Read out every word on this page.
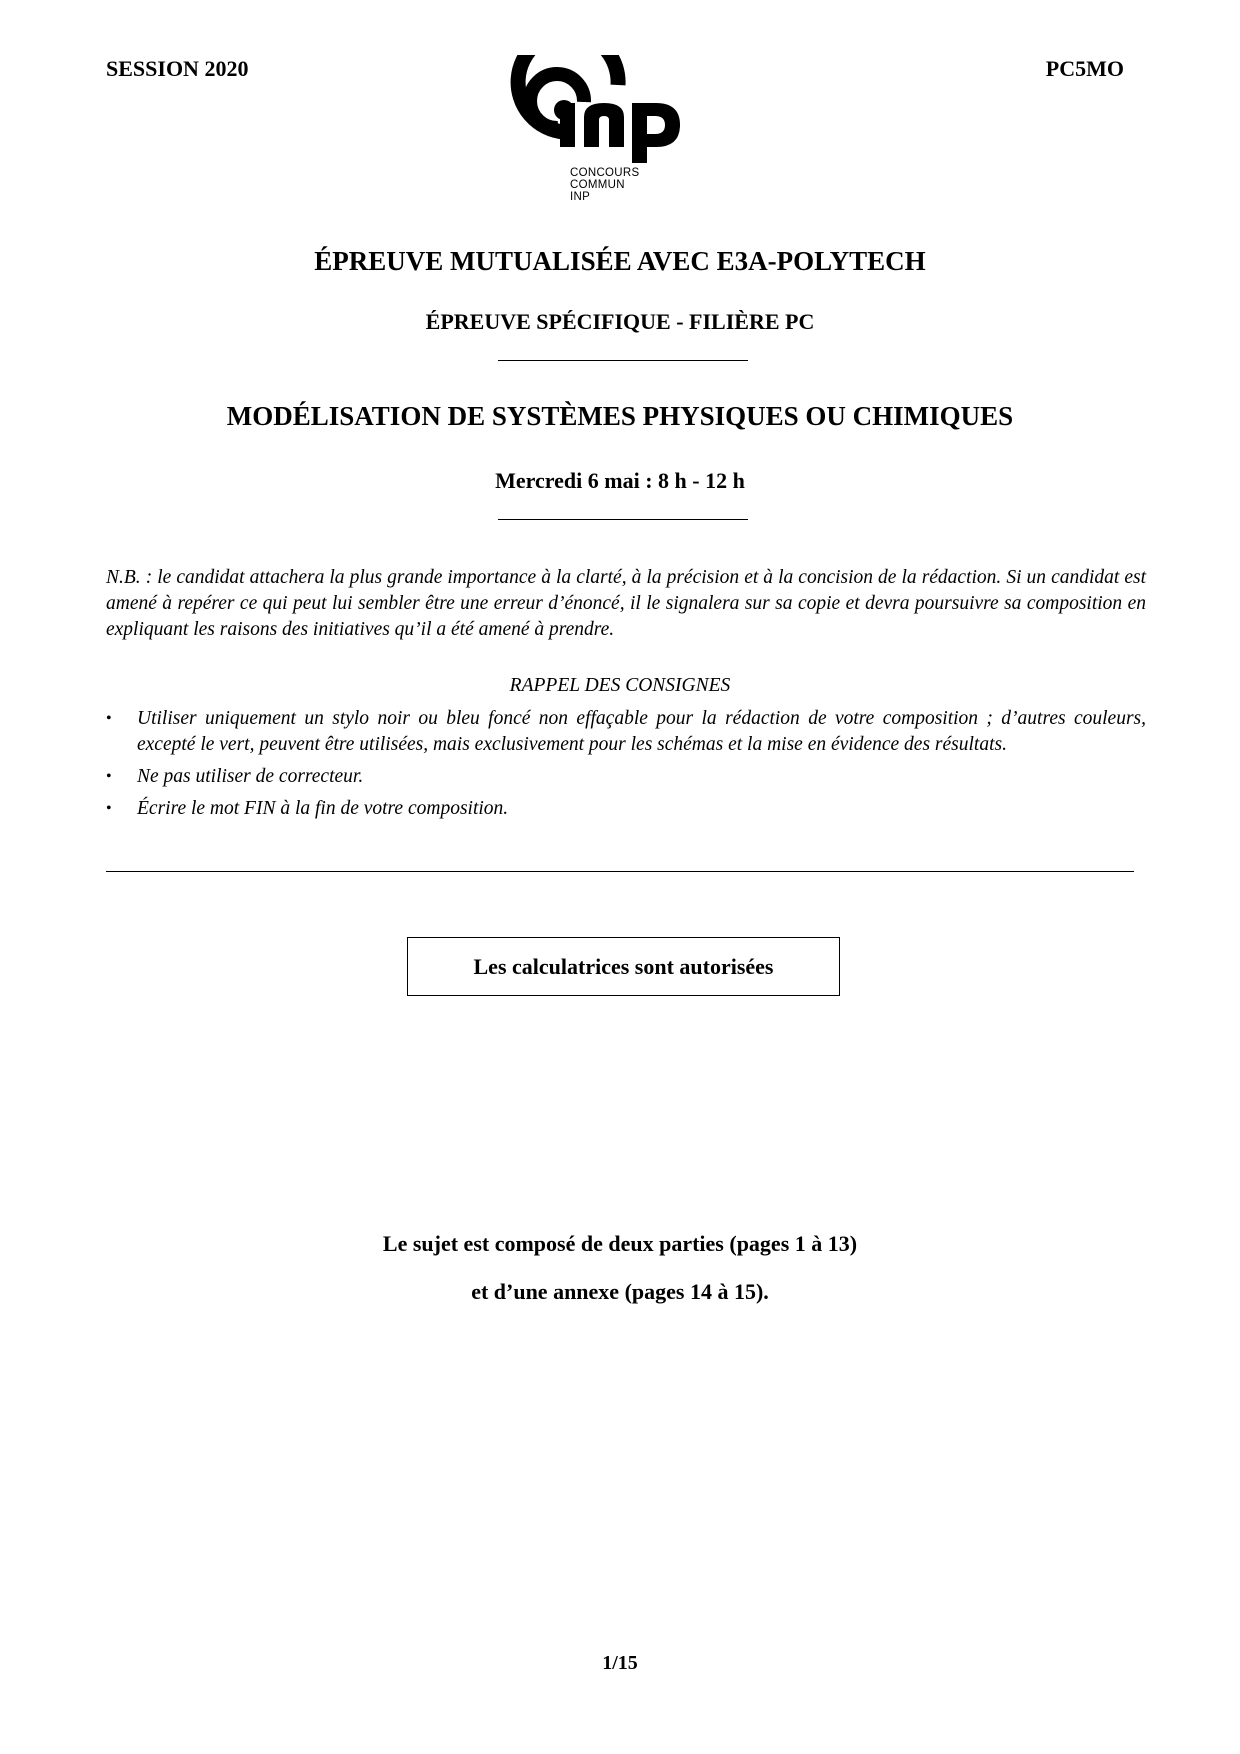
SESSION 2020	PC5MO
CONCOURS
COMMUN
INP
ÉPREUVE MUTUALISÉE AVEC E3A-POLYTECH
ÉPREUVE SPÉCIFIQUE - FILIÈRE PC
MODÉLISATION DE SYSTÈMES PHYSIQUES OU CHIMIQUES
Mercredi 6 mai : 8 h - 12 h
N.B. : le candidat attachera la plus grande importance à la clarté, à la précision et à la concision de la rédaction. Si un candidat est amené à repérer ce qui peut lui sembler être une erreur d’énoncé, il le signalera sur sa copie et devra poursuivre sa composition en expliquant les raisons des initiatives qu’il a été amené à prendre.
RAPPEL DES CONSIGNES
• Utiliser uniquement un stylo noir ou bleu foncé non effaçable pour la rédaction de votre composition ; d’autres couleurs, excepté le vert, peuvent être utilisées, mais exclusivement pour les schémas et la mise en évidence des résultats.
• Ne pas utiliser de correcteur.
• Écrire le mot FIN à la fin de votre composition.
Les calculatrices sont autorisées
Le sujet est composé de deux parties (pages 1 à 13)
et d’une annexe (pages 14 à 15).
1/15
